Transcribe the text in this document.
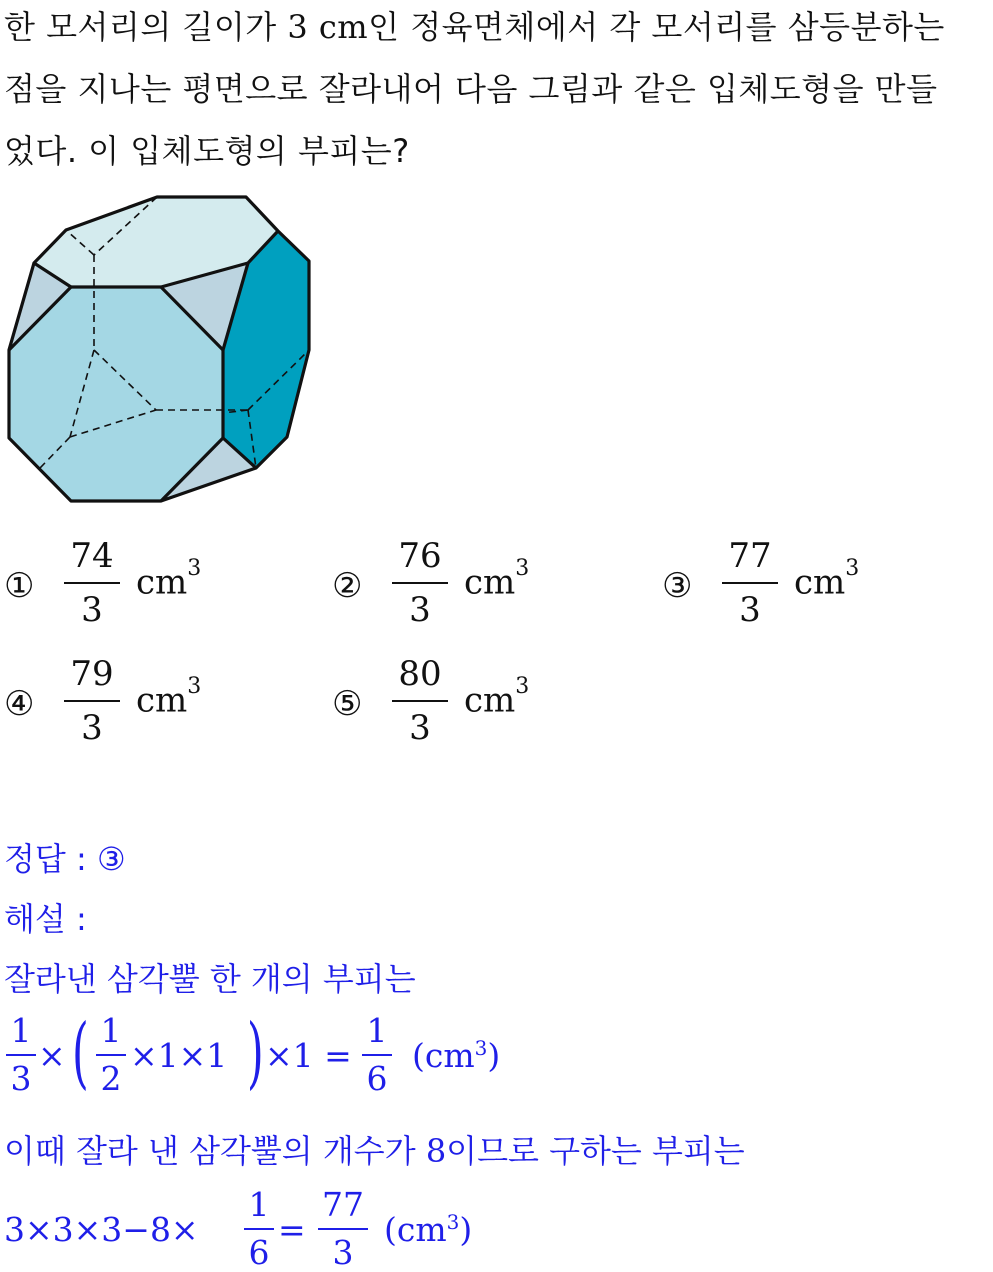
한 모서리의 길이가 3 cm인 정육면체에서 각 모서리를 삼등분하는
점을 지나는 평면으로 잘라내어 다음 그림과 같은 입체도형을 만들
었다. 이 입체도형의 부피는?
①
74
3
$cm^3$	②
76
3
$cm^3$	③
77
3
$cm^3$
④
79
3
$cm^3$	⑤
80
3
$cm^3$
정답 : ③
해설 :
잘라낸 삼각뿔 한 개의 부피는
1
3
× ( 1
2
×1×1 ) ×1 =
1
6
$(cm^3)$
이때 잘라 낸 삼각뿔의 개수가 8이므로 구하는 부피는
3×3×3−8×
1
6
=
77
3
$(cm^3)$
